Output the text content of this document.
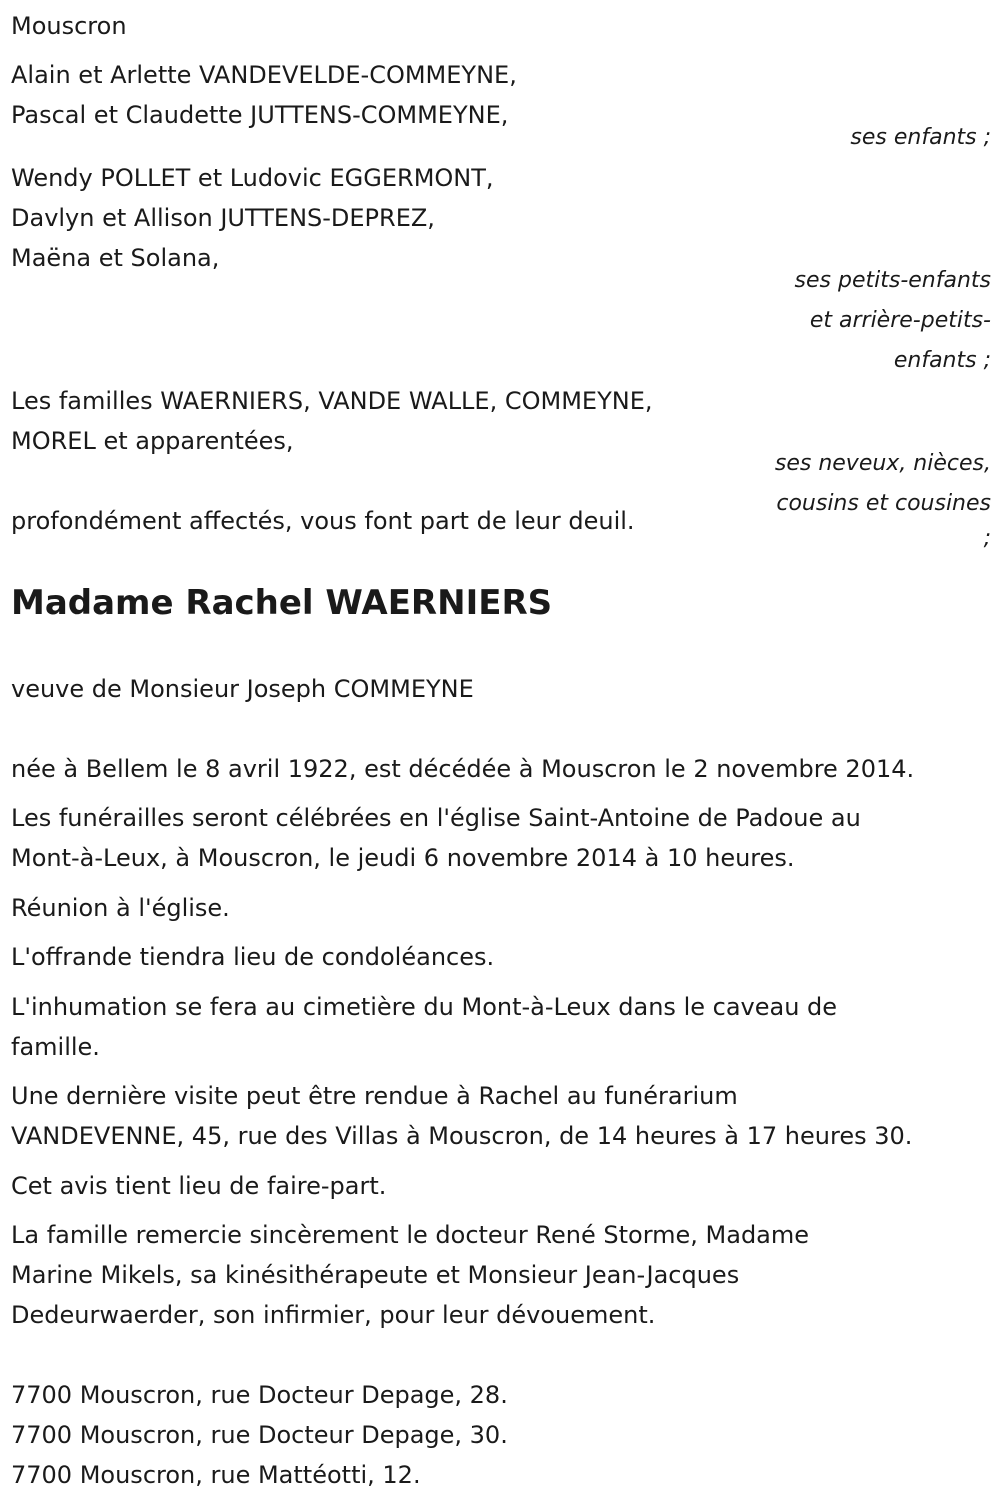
Mouscron
Alain et Arlette VANDEVELDE-COMMEYNE,
Pascal et Claudette JUTTENS-COMMEYNE,
ses enfants ;
Wendy POLLET et Ludovic EGGERMONT,
Davlyn et Allison JUTTENS-DEPREZ,
Maëna et Solana,
ses petits-enfants
et arrière-petits-
enfants ;
Les familles WAERNIERS, VANDE WALLE, COMMEYNE,
MOREL et apparentées,
ses neveux, nièces,
cousins et cousines
;
profondément affectés, vous font part de leur deuil.
Madame Rachel WAERNIERS
veuve de Monsieur Joseph COMMEYNE
née à Bellem le 8 avril 1922, est décédée à Mouscron le 2 novembre 2014.
Les funérailles seront célébrées en l'église Saint-Antoine de Padoue au
Mont-à-Leux, à Mouscron, le jeudi 6 novembre 2014 à 10 heures.
Réunion à l'église.
L'offrande tiendra lieu de condoléances.
L'inhumation se fera au cimetière du Mont-à-Leux dans le caveau de
famille.
Une dernière visite peut être rendue à Rachel au funérarium
VANDEVENNE, 45, rue des Villas à Mouscron, de 14 heures à 17 heures 30.
Cet avis tient lieu de faire-part.
La famille remercie sincèrement le docteur René Storme, Madame
Marine Mikels, sa kinésithérapeute et Monsieur Jean-Jacques
Dedeurwaerder, son infirmier, pour leur dévouement.
7700 Mouscron, rue Docteur Depage, 28.
7700 Mouscron, rue Docteur Depage, 30.
7700 Mouscron, rue Mattéotti, 12.
